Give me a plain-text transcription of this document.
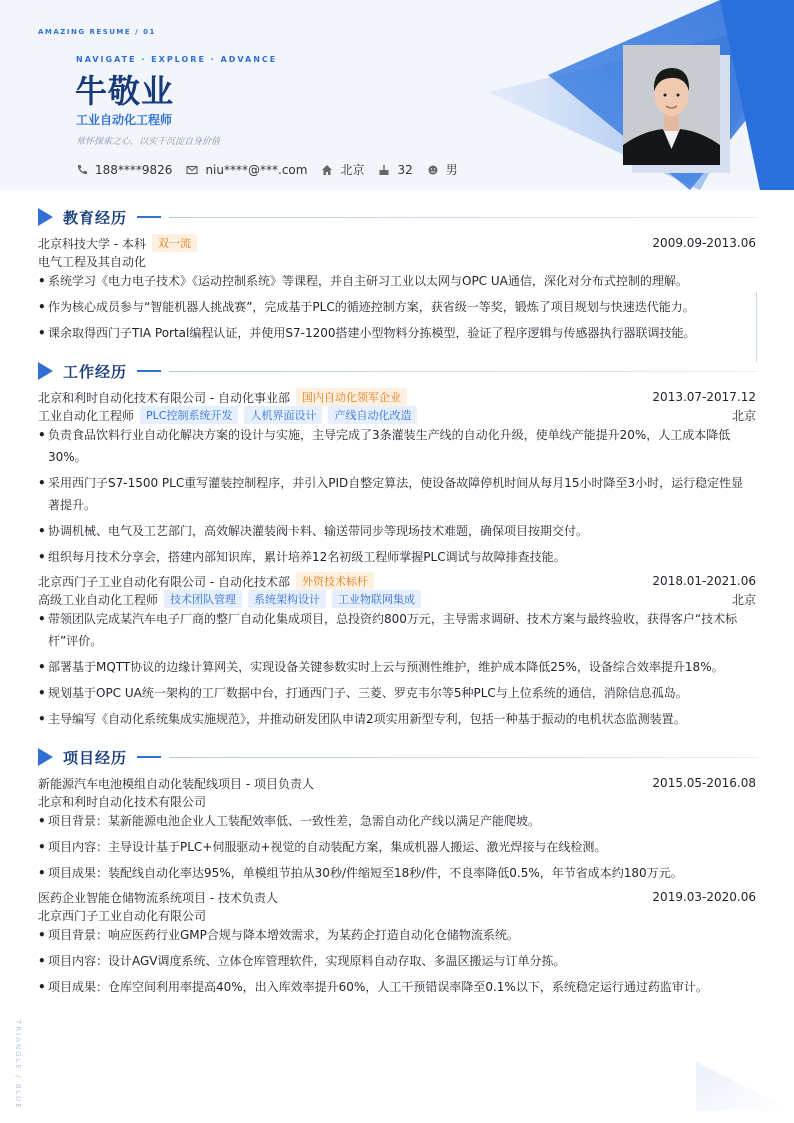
AMAZING RESUME / 01
NAVIGATE · EXPLORE · ADVANCE
牛敬业
工业自动化工程师
常怀探索之心，以实干沉淀自身价值
188****9826	niu****@***.com	北京	32	男
教育经历
北京科技大学 - 本科	双一流	2009.09-2013.06
电气工程及其自动化
• 系统学习《电力电子技术》《运动控制系统》等课程，并自主研习工业以太网与OPC UA通信，深化对分布式控制的理解。
• 作为核心成员参与“智能机器人挑战赛”，完成基于PLC的循迹控制方案，获省级一等奖，锻炼了项目规划与快速迭代能力。
• 课余取得西门子TIA Portal编程认证，并使用S7-1200搭建小型物料分拣模型，验证了程序逻辑与传感器执行器联调技能。
工作经历
北京和利时自动化技术有限公司 - 自动化事业部	国内自动化领军企业	2013.07-2017.12
工业自动化工程师	PLC控制系统开发	人机界面设计	产线自动化改造	北京
• 负责食品饮料行业自动化解决方案的设计与实施，主导完成了3条灌装生产线的自动化升级，使单线产能提升20%，人工成本降低30%。
• 采用西门子S7-1500 PLC重写灌装控制程序，并引入PID自整定算法，使设备故障停机时间从每月15小时降至3小时，运行稳定性显著提升。
• 协调机械、电气及工艺部门，高效解决灌装阀卡料、输送带同步等现场技术难题，确保项目按期交付。
• 组织每月技术分享会，搭建内部知识库，累计培养12名初级工程师掌握PLC调试与故障排查技能。
北京西门子工业自动化有限公司 - 自动化技术部	外资技术标杆	2018.01-2021.06
高级工业自动化工程师	技术团队管理	系统架构设计	工业物联网集成	北京
• 带领团队完成某汽车电子厂商的整厂自动化集成项目，总投资约800万元，主导需求调研、技术方案与最终验收，获得客户“技术标杆”评价。
• 部署基于MQTT协议的边缘计算网关，实现设备关键参数实时上云与预测性维护，维护成本降低25%，设备综合效率提升18%。
• 规划基于OPC UA统一架构的工厂数据中台，打通西门子、三菱、罗克韦尔等5种PLC与上位系统的通信，消除信息孤岛。
• 主导编写《自动化系统集成实施规范》，并推动研发团队申请2项实用新型专利，包括一种基于振动的电机状态监测装置。
项目经历
新能源汽车电池模组自动化装配线项目 - 项目负责人	2015.05-2016.08
北京和利时自动化技术有限公司
• 项目背景：某新能源电池企业人工装配效率低、一致性差，急需自动化产线以满足产能爬坡。
• 项目内容：主导设计基于PLC+伺服驱动+视觉的自动装配方案，集成机器人搬运、激光焊接与在线检测。
• 项目成果：装配线自动化率达95%，单模组节拍从30秒/件缩短至18秒/件，不良率降低0.5%，年节省成本约180万元。
医药企业智能仓储物流系统项目 - 技术负责人	2019.03-2020.06
北京西门子工业自动化有限公司
• 项目背景：响应医药行业GMP合规与降本增效需求，为某药企打造自动化仓储物流系统。
• 项目内容：设计AGV调度系统、立体仓库管理软件，实现原料自动存取、多温区搬运与订单分拣。
• 项目成果：仓库空间利用率提高40%，出入库效率提升60%，人工干预错误率降至0.1%以下，系统稳定运行通过药监审计。
TRIANGLE / BLUE
